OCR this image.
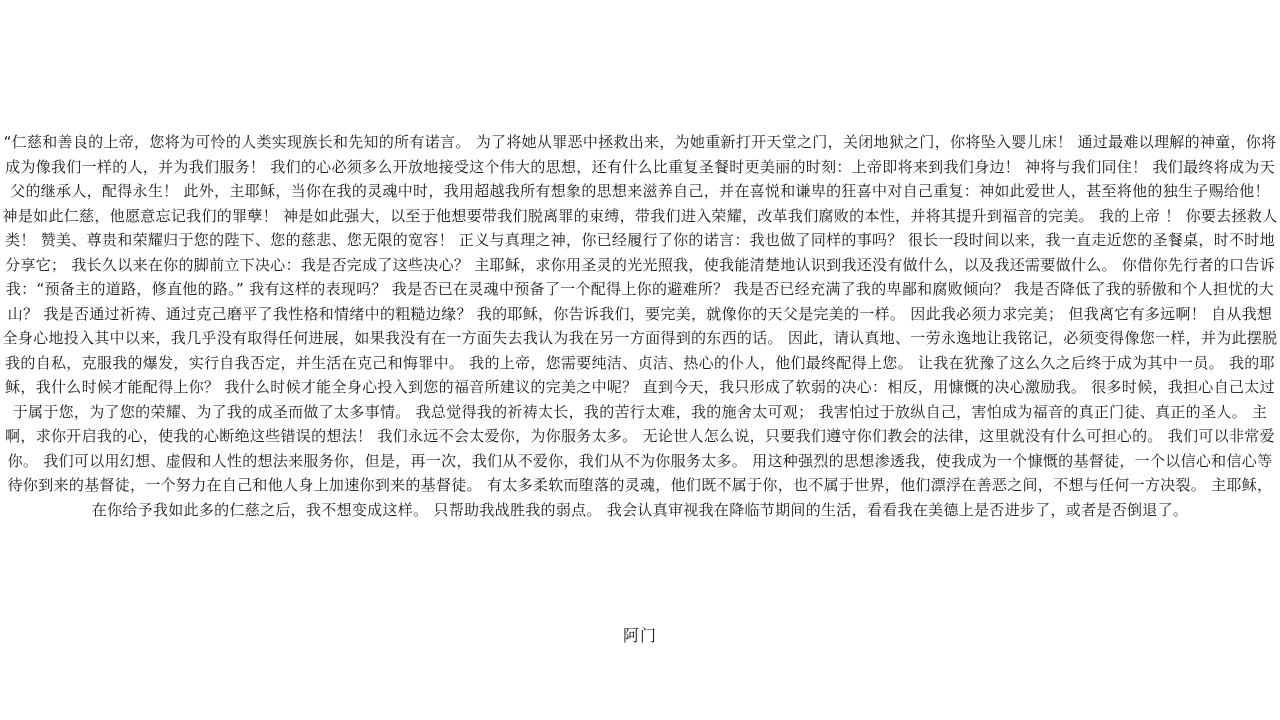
“仁慈和善良的上帝，您将为可怜的人类实现族长和先知的所有诺言。 为了将她从罪恶中拯救出来，为她重新打开天堂之门，关闭地狱之门，你将坠入婴儿床！ 通过最难以理解的神童，你将成为像我们一样的人，并为我们服务！ 我们的心必须多么开放地接受这个伟大的思想，还有什么比重复圣餐时更美丽的时刻：上帝即将来到我们身边！ 神将与我们同住！ 我们最终将成为天父的继承人，配得永生！ 此外，主耶稣，当你在我的灵魂中时，我用超越我所有想象的思想来滋养自己，并在喜悦和谦卑的狂喜中对自己重复：神如此爱世人，甚至将他的独生子赐给他！ 神是如此仁慈，他愿意忘记我们的罪孽！ 神是如此强大，以至于他想要带我们脱离罪的束缚，带我们进入荣耀，改革我们腐败的本性，并将其提升到福音的完美。 我的上帝 ！ 你要去拯救人类！ 赞美、尊贵和荣耀归于您的陛下、您的慈悲、您无限的宽容！ 正义与真理之神，你已经履行了你的诺言：我也做了同样的事吗？ 很长一段时间以来，我一直走近您的圣餐桌，时不时地分享它； 我长久以来在你的脚前立下决心：我是否完成了这些决心？ 主耶稣，求你用圣灵的光光照我，使我能清楚地认识到我还没有做什么，以及我还需要做什么。 你借你先行者的口告诉我：“预备主的道路，修直他的路。” 我有这样的表现吗？ 我是否已在灵魂中预备了一个配得上你的避难所？ 我是否已经充满了我的卑鄙和腐败倾向？ 我是否降低了我的骄傲和个人担忧的大山？ 我是否通过祈祷、通过克己磨平了我性格和情绪中的粗糙边缘？ 我的耶稣，你告诉我们，要完美，就像你的天父是完美的一样。 因此我必须力求完美； 但我离它有多远啊！ 自从我想全身心地投入其中以来，我几乎没有取得任何进展，如果我没有在一方面失去我认为我在另一方面得到的东西的话。 因此，请认真地、一劳永逸地让我铭记，必须变得像您一样，并为此摆脱我的自私，克服我的爆发，实行自我否定，并生活在克己和悔罪中。 我的上帝，您需要纯洁、贞洁、热心的仆人，他们最终配得上您。 让我在犹豫了这么久之后终于成为其中一员。 我的耶稣，我什么时候才能配得上你？ 我什么时候才能全身心投入到您的福音所建议的完美之中呢？ 直到今天，我只形成了软弱的决心：相反，用慷慨的决心激励我。 很多时候，我担心自己太过于属于您，为了您的荣耀、为了我的成圣而做了太多事情。 我总觉得我的祈祷太长，我的苦行太难，我的施舍太可观； 我害怕过于放纵自己，害怕成为福音的真正门徒、真正的圣人。 主啊，求你开启我的心，使我的心断绝这些错误的想法！ 我们永远不会太爱你，为你服务太多。 无论世人怎么说，只要我们遵守你们教会的法律，这里就没有什么可担心的。 我们可以非常爱你。 我们可以用幻想、虚假和人性的想法来服务你，但是，再一次，我们从不爱你，我们从不为你服务太多。 用这种强烈的思想渗透我，使我成为一个慷慨的基督徒，一个以信心和信心等待你到来的基督徒，一个努力在自己和他人身上加速你到来的基督徒。 有太多柔软而堕落的灵魂，他们既不属于你，也不属于世界，他们漂浮在善恶之间，不想与任何一方决裂。 主耶稣，在你给予我如此多的仁慈之后，我不想变成这样。 只帮助我战胜我的弱点。 我会认真审视我在降临节期间的生活，看看我在美德上是否进步了，或者是否倒退了。

阿门
